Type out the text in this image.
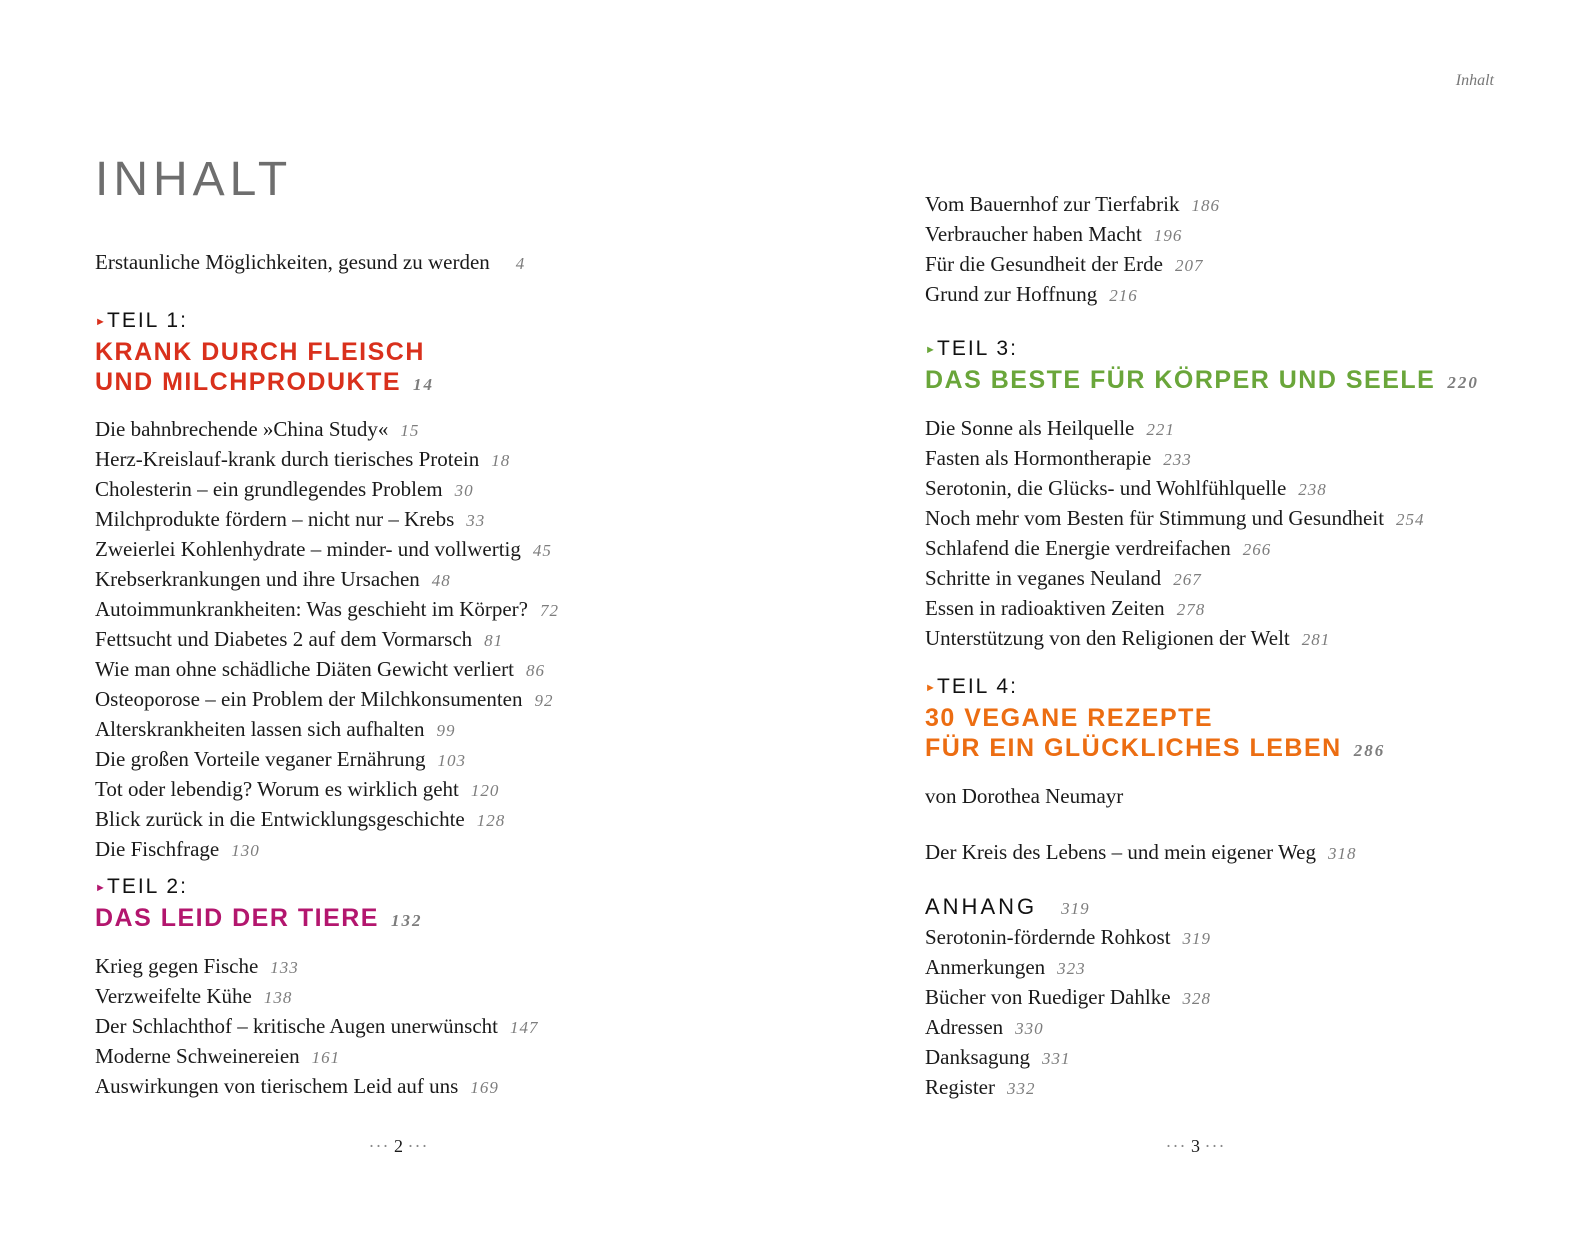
INHALT
Erstaunliche Möglichkeiten, gesund zu werden 4
►TEIL 1:
KRANK DURCH FLEISCH
UND MILCHPRODUKTE 14
Die bahnbrechende »China Study« 15
Herz-Kreislauf-krank durch tierisches Protein 18
Cholesterin – ein grundlegendes Problem 30
Milchprodukte fördern – nicht nur – Krebs 33
Zweierlei Kohlenhydrate – minder- und vollwertig 45
Krebserkrankungen und ihre Ursachen 48
Autoimmunkrankheiten: Was geschieht im Körper? 72
Fettsucht und Diabetes 2 auf dem Vormarsch 81
Wie man ohne schädliche Diäten Gewicht verliert 86
Osteoporose – ein Problem der Milchkonsumenten 92
Alterskrankheiten lassen sich aufhalten 99
Die großen Vorteile veganer Ernährung 103
Tot oder lebendig? Worum es wirklich geht 120
Blick zurück in die Entwicklungsgeschichte 128
Die Fischfrage 130
►TEIL 2:
DAS LEID DER TIERE 132
Krieg gegen Fische 133
Verzweifelte Kühe 138
Der Schlachthof – kritische Augen unerwünscht 147
Moderne Schweinereien 161
Auswirkungen von tierischem Leid auf uns 169
··· 2 ···
Inhalt
Vom Bauernhof zur Tierfabrik 186
Verbraucher haben Macht 196
Für die Gesundheit der Erde 207
Grund zur Hoffnung 216
►TEIL 3:
DAS BESTE FÜR KÖRPER UND SEELE 220
Die Sonne als Heilquelle 221
Fasten als Hormontherapie 233
Serotonin, die Glücks- und Wohlfühlquelle 238
Noch mehr vom Besten für Stimmung und Gesundheit 254
Schlafend die Energie verdreifachen 266
Schritte in veganes Neuland 267
Essen in radioaktiven Zeiten 278
Unterstützung von den Religionen der Welt 281
►TEIL 4:
30 VEGANE REZEPTE
FÜR EIN GLÜCKLICHES LEBEN 286
von Dorothea Neumayr
Der Kreis des Lebens – und mein eigener Weg 318
ANHANG 319
Serotonin-fördernde Rohkost 319
Anmerkungen 323
Bücher von Ruediger Dahlke 328
Adressen 330
Danksagung 331
Register 332
··· 3 ···
